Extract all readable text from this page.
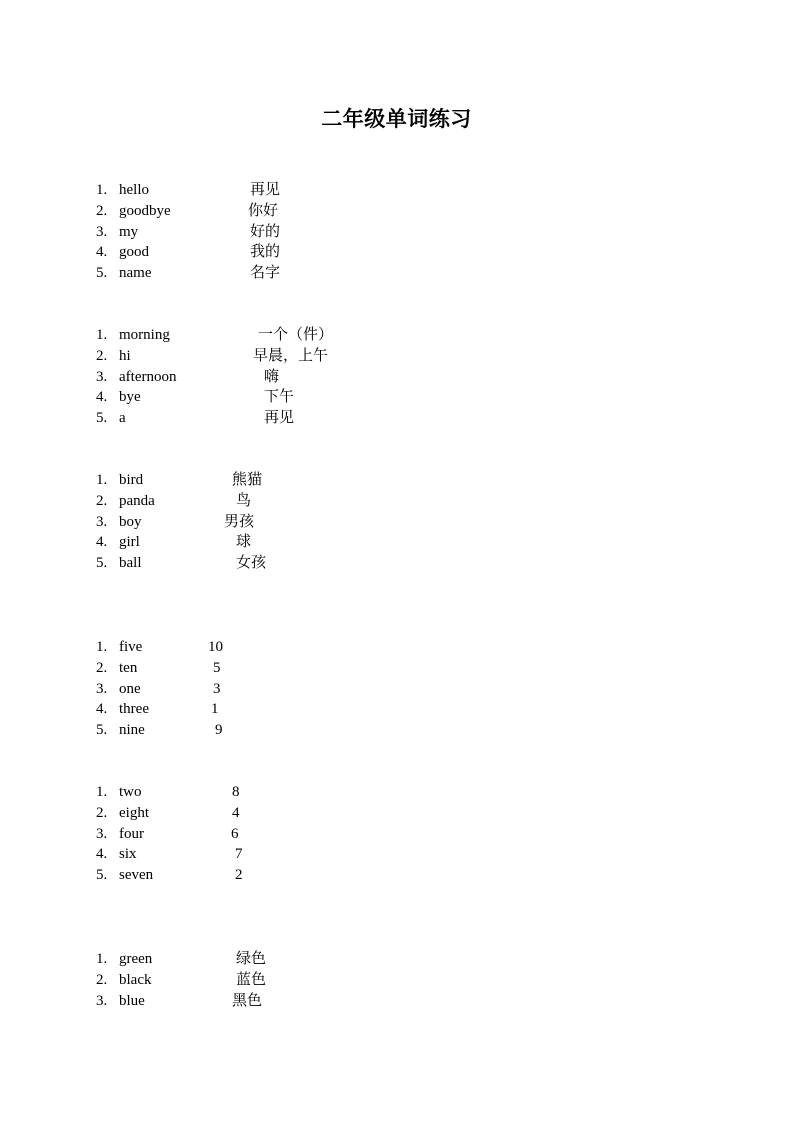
二年级单词练习
1. hello	再见
2. goodbye	你好
3. my	好的
4. good	我的
5. name	名字
1. morning	一个（件）
2. hi	早晨，上午
3. afternoon	嗨
4. bye	下午
5. a	再见
1. bird	熊猫
2. panda	鸟
3. boy	男孩
4. girl	球
5. ball	女孩
1. five	10
2. ten	5
3. one	3
4. three	1
5. nine	9
1. two	8
2. eight	4
3. four	6
4. six	7
5. seven	2
1. green	绿色
2. black	蓝色
3. blue	黑色
